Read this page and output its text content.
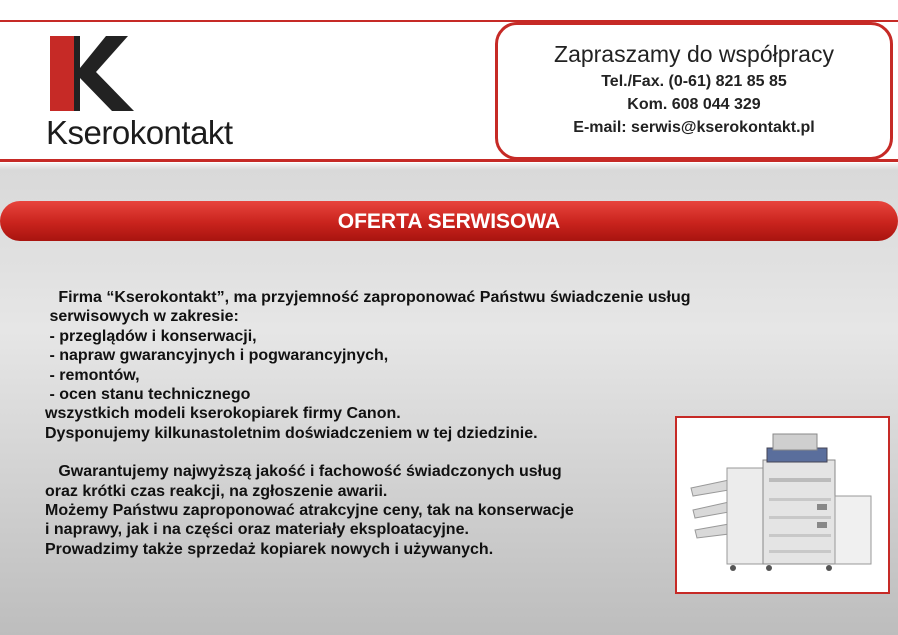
Kserokontakt
Zapraszamy do współpracy
Tel./Fax. (0-61) 821 85 85
Kom. 608 044 329
E-mail: serwis@kserokontakt.pl
OFERTA SERWISOWA

Firma “Kserokontakt”, ma przyjemność zaproponować Państwu świadczenie usług

serwisowych w zakresie:

- przeglądów i konserwacji,

- napraw gwarancyjnych i pogwarancyjnych,

- remontów,

- ocen stanu technicznego

wszystkich modeli kserokopiarek firmy Canon.

Dysponujemy kilkunastoletnim doświadczeniem w tej dziedzinie.

Gwarantujemy najwyższą jakość i fachowość świadczonych usług

oraz krótki czas reakcji, na zgłoszenie awarii.

Możemy Państwu zaproponować atrakcyjne ceny, tak na konserwacje

i naprawy, jak i na części oraz materiały eksploatacyjne.

Prowadzimy także sprzedaż kopiarek nowych i używanych.
